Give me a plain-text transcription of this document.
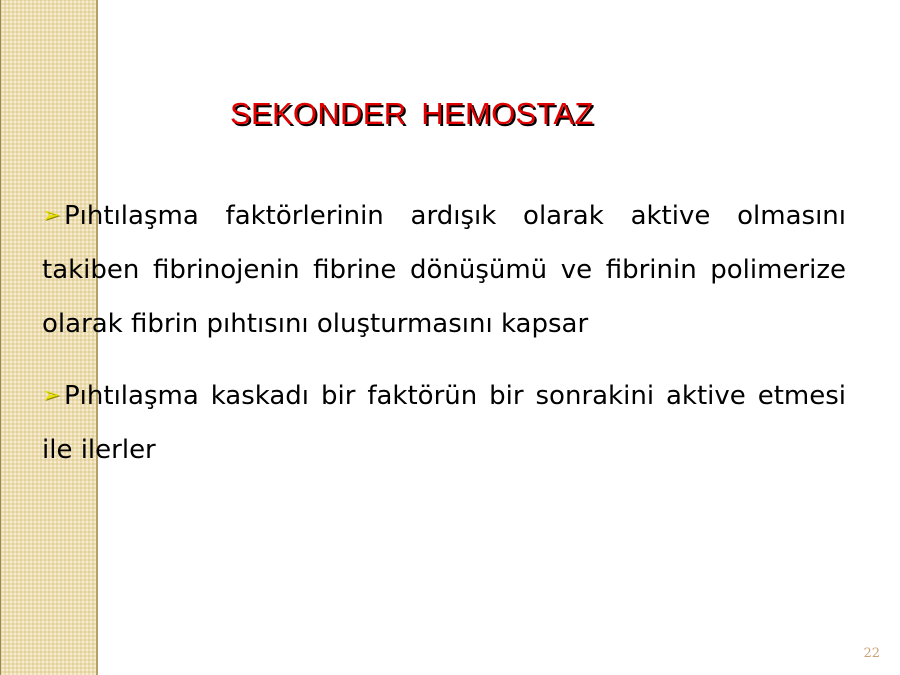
SEKONDER HEMOSTAZ

➢ Pıhtılaşma faktörlerinin ardışık olarak aktive olmasını takiben fibrinojenin fibrine dönüşümü ve fibrinin polimerize olarak fibrin pıhtısını oluşturmasını kapsar

➢ Pıhtılaşma kaskadı bir faktörün bir sonrakini aktive etmesi ile ilerler

22
